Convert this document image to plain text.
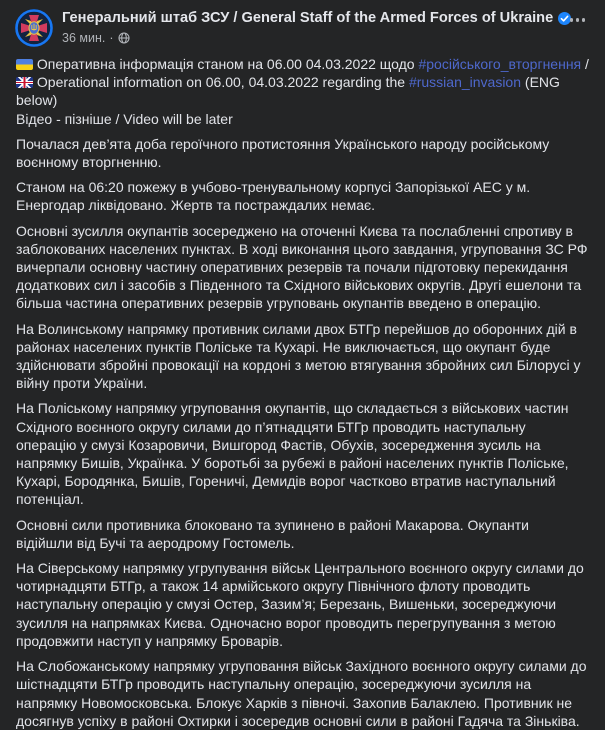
Генеральний штаб ЗСУ / General Staff of the Armed Forces of Ukraine
36 мин. ·

Оперативна інформація станом на 06.00 04.03.2022 щодо #російського_вторгнення /  Operational information on 06.00, 04.03.2022 regarding the #russian_invasion (ENG below)
Відео - пізніше / Video will be later

Почалася дев’ята доба героїчного протистояння Українського народу російському воєнному вторгненню.

Станом на 06:20 пожежу в учбово-тренувальному корпусі Запорізької АЕС у м. Енергодар ліквідовано. Жертв та постраждалих немає.

Основні зусилля окупантів зосереджено на оточенні Києва та послабленні спротиву в заблокованих населених пунктах. В ході виконання цього завдання, угруповання ЗС РФ вичерпали основну частину оперативних резервів та почали підготовку перекидання додаткових сил і засобів з Південного та Східного військових округів. Другі ешелони та більша частина оперативних резервів угруповань окупантів введено в операцію.

На Волинському напрямку противник силами двох БТГр перейшов до оборонних дій в районах населених пунктів Поліське та Кухарі. Не виключається, що окупант буде здійснювати збройні провокації на кордоні з метою втягування збройних сил Білорусі у війну проти України.

На Поліському напрямку угруповання окупантів, що складається з військових частин Східного воєнного округу силами до п’ятнадцяти БТГр проводить наступальну операцію у смузі Козаровичи, Вишгород Фастів, Обухів, зосередження зусиль на напрямку Бишів, Українка. У боротьбі за рубежі в районі населених пунктів Поліське, Кухарі, Бородянка, Бишів, Гореничі, Демидів ворог частково втратив наступальний потенціал.

Основні сили противника блоковано та зупинено в районі Макарова. Окупанти відійшли від Бучі та аеродрому Гостомель.

На Сіверському напрямку угрупування військ Центрального воєнного округу силами до чотирнадцяти БТГр, а також 14 армійського округу Північного флоту проводить наступальну операцію у смузі Остер, Зазим’я; Березань, Вишеньки, зосереджуючи зусилля на напрямках Києва. Одночасно ворог проводить перегрупування з метою продовжити наступ у напрямку Броварів.

На Слобожанському напрямку угруповання військ Західного воєнного округу силами до шістнадцяти БТГр проводить наступальну операцію, зосереджуючи зусилля на напрямку Новомосковська. Блокує Харків з півночі. Захопив Балаклею. Противник не досягнув успіху в районі Охтирки і зосередив основні сили в районі Гадяча та Зіньківа.
